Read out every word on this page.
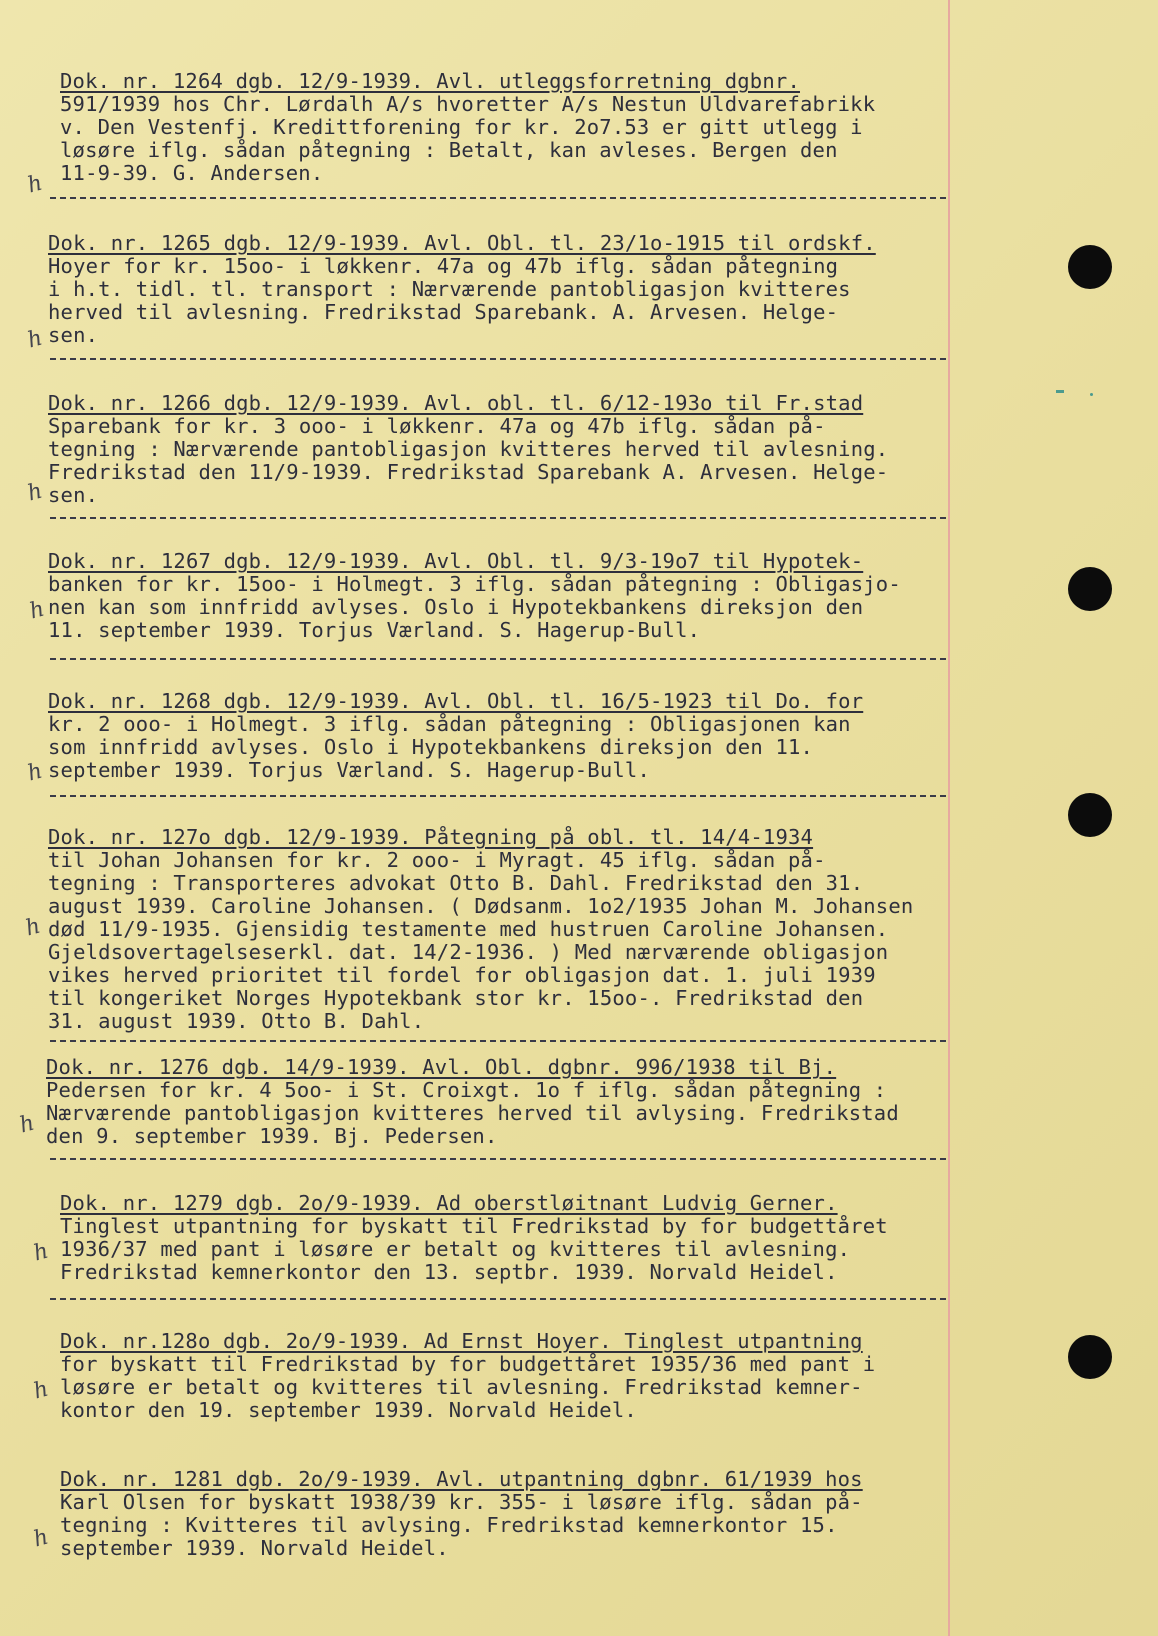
Dok. nr. 1264 dgb. 12/9-1939. Avl. utleggsforretning dgbnr.
591/1939 hos Chr. Lørdalh A/s hvoretter A/s Nestun Uldvarefabrikk
v. Den Vestenfj. Kredittforening for kr. 2o7.53 er gitt utlegg i
løsøre iflg. sådan påtegning : Betalt, kan avleses. Bergen den
11-9-39. G. Andersen.
h
Dok. nr. 1265 dgb. 12/9-1939. Avl. Obl. tl. 23/1o-1915 til ordskf.
Hoyer for kr. 15oo- i løkkenr. 47a og 47b iflg. sådan påtegning
i h.t. tidl. tl. transport : Nærværende pantobligasjon kvitteres
herved til avlesning. Fredrikstad Sparebank. A. Arvesen. Helge-
sen.
h
Dok. nr. 1266 dgb. 12/9-1939. Avl. obl. tl. 6/12-193o til Fr.stad
Sparebank for kr. 3 ooo- i løkkenr. 47a og 47b iflg. sådan på-
tegning : Nærværende pantobligasjon kvitteres herved til avlesning.
Fredrikstad den 11/9-1939. Fredrikstad Sparebank A. Arvesen. Helge-
sen.
h
Dok. nr. 1267 dgb. 12/9-1939. Avl. Obl. tl. 9/3-19o7 til Hypotek-
banken for kr. 15oo- i Holmegt. 3 iflg. sådan påtegning : Obligasjo-
nen kan som innfridd avlyses. Oslo i Hypotekbankens direksjon den
11. september 1939. Torjus Værland. S. Hagerup-Bull.
h
Dok. nr. 1268 dgb. 12/9-1939. Avl. Obl. tl. 16/5-1923 til Do. for
kr. 2 ooo- i Holmegt. 3 iflg. sådan påtegning : Obligasjonen kan
som innfridd avlyses. Oslo i Hypotekbankens direksjon den 11.
september 1939. Torjus Værland. S. Hagerup-Bull.
h
Dok. nr. 127o dgb. 12/9-1939. Påtegning på obl. tl. 14/4-1934
til Johan Johansen for kr. 2 ooo- i Myragt. 45 iflg. sådan på-
tegning : Transporteres advokat Otto B. Dahl. Fredrikstad den 31.
august 1939. Caroline Johansen. ( Dødsanm. 1o2/1935 Johan M. Johansen
død 11/9-1935. Gjensidig testamente med hustruen Caroline Johansen.
Gjeldsovertagelseserkl. dat. 14/2-1936. ) Med nærværende obligasjon
vikes herved prioritet til fordel for obligasjon dat. 1. juli 1939
til kongeriket Norges Hypotekbank stor kr. 15oo-. Fredrikstad den
31. august 1939. Otto B. Dahl.
h
Dok. nr. 1276 dgb. 14/9-1939. Avl. Obl. dgbnr. 996/1938 til Bj.
Pedersen for kr. 4 5oo- i St. Croixgt. 1o f iflg. sådan påtegning :
Nærværende pantobligasjon kvitteres herved til avlysing. Fredrikstad
den 9. september 1939. Bj. Pedersen.
h
Dok. nr. 1279 dgb. 2o/9-1939. Ad oberstløitnant Ludvig Gerner.
Tinglest utpantning for byskatt til Fredrikstad by for budgettåret
1936/37 med pant i løsøre er betalt og kvitteres til avlesning.
Fredrikstad kemnerkontor den 13. septbr. 1939. Norvald Heidel.
h
Dok. nr.128o dgb. 2o/9-1939. Ad Ernst Hoyer. Tinglest utpantning
for byskatt til Fredrikstad by for budgettåret 1935/36 med pant i
løsøre er betalt og kvitteres til avlesning. Fredrikstad kemner-
kontor den 19. september 1939. Norvald Heidel.
h
Dok. nr. 1281 dgb. 2o/9-1939. Avl. utpantning dgbnr. 61/1939 hos
Karl Olsen for byskatt 1938/39 kr. 355- i løsøre iflg. sådan på-
tegning : Kvitteres til avlysing. Fredrikstad kemnerkontor 15.
september 1939. Norvald Heidel.
h
